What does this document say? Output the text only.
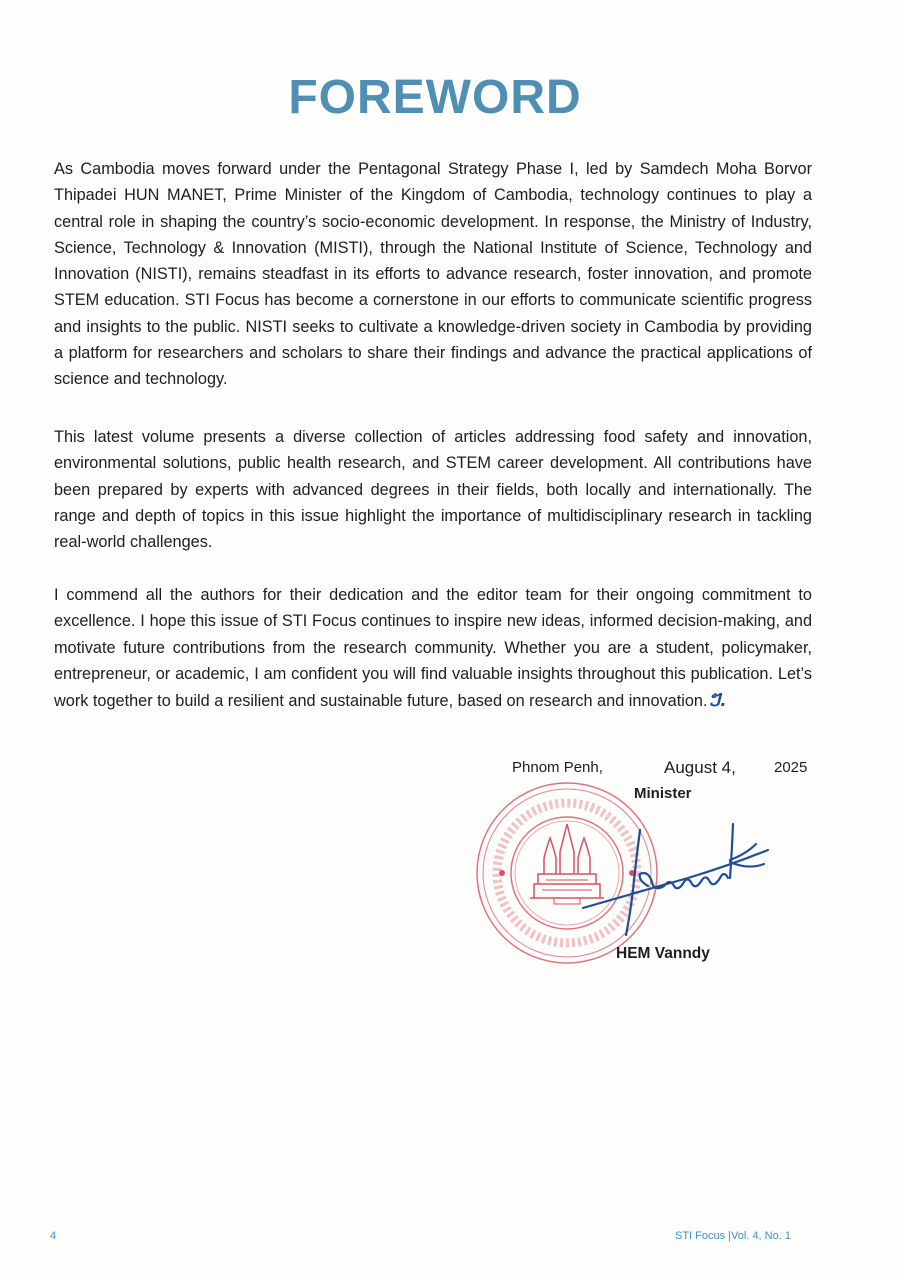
FOREWORD

As Cambodia moves forward under the Pentagonal Strategy Phase I, led by Samdech Moha Borvor Thipadei HUN MANET, Prime Minister of the Kingdom of Cambodia, technology continues to play a central role in shaping the country’s socio-economic development. In response, the Ministry of Industry, Science, Technology & Innovation (MISTI), through the National Institute of Science, Technology and Innovation (NISTI), remains steadfast in its efforts to advance research, foster innovation, and promote STEM education. STI Focus has become a cornerstone in our efforts to communicate scientific progress and insights to the public. NISTI seeks to cultivate a knowledge-driven society in Cambodia by providing a platform for researchers and scholars to share their findings and advance the practical applications of science and technology.

This latest volume presents a diverse collection of articles addressing food safety and innovation, environmental solutions, public health research, and STEM career development. All contributions have been prepared by experts with advanced degrees in their fields, both locally and internationally. The range and depth of topics in this issue highlight the importance of multidisciplinary research in tackling real-world challenges.

I commend all the authors for their dedication and the editor team for their ongoing commitment to excellence. I hope this issue of STI Focus continues to inspire new ideas, informed decision-making, and motivate future contributions from the research community. Whether you are a student, policymaker, entrepreneur, or academic, I am confident you will find valuable insights throughout this publication. Let’s work together to build a resilient and sustainable future, based on research and innovation.ៗ.

Phnom Penh,	August 4,	2025
Minister
HEM Vanndy
4	STI Focus |Vol. 4, No. 1
